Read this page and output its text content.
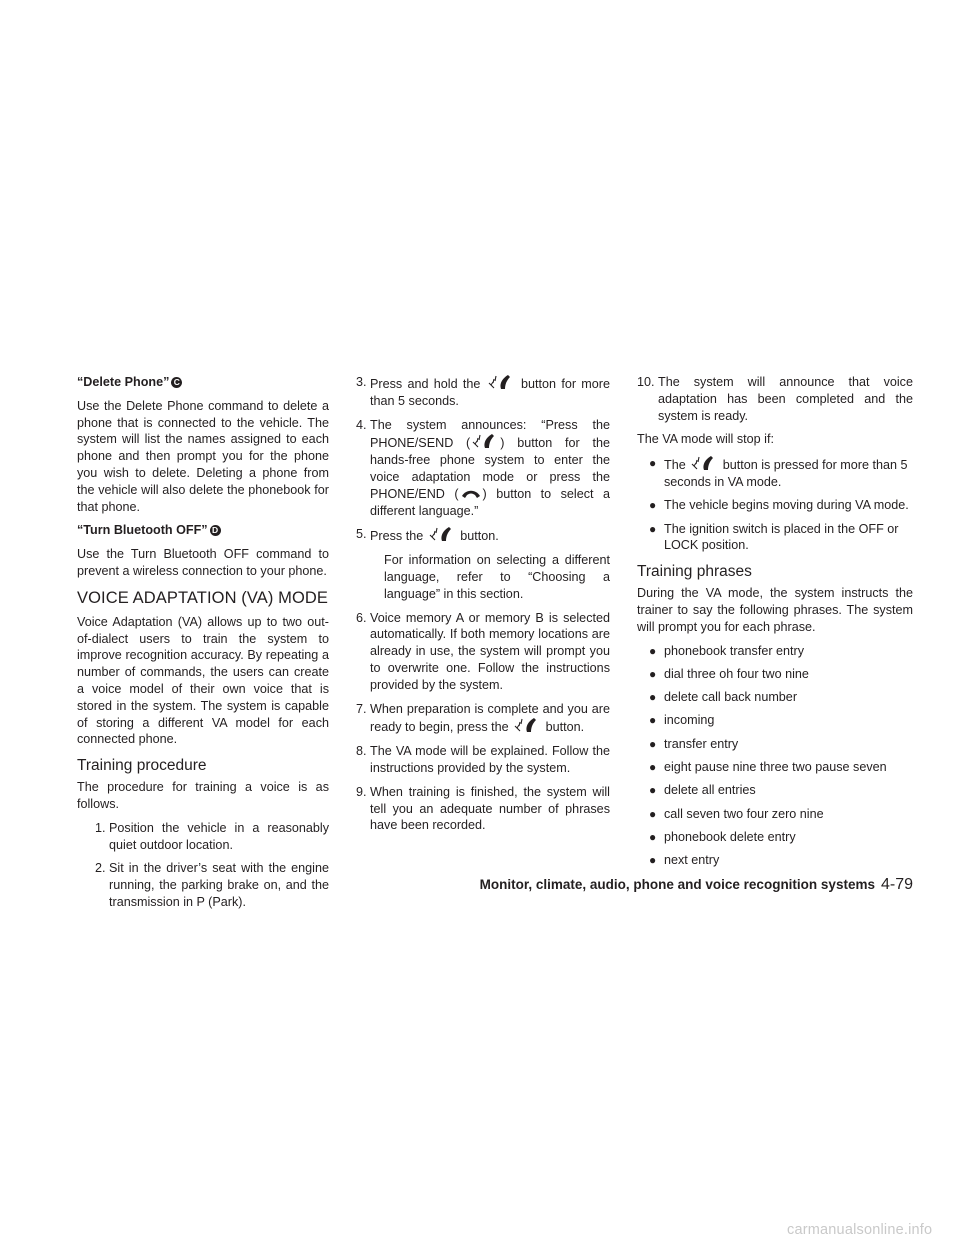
“Delete Phone” C

Use the Delete Phone command to delete a phone that is connected to the vehicle. The system will list the names assigned to each phone and then prompt you for the phone you wish to delete. Deleting a phone from the vehicle will also delete the phonebook for that phone.

“Turn Bluetooth OFF” D

Use the Turn Bluetooth OFF command to prevent a wireless connection to your phone.

VOICE ADAPTATION (VA) MODE

Voice Adaptation (VA) allows up to two out-of-dialect users to train the system to improve recognition accuracy. By repeating a number of commands, the users can create a voice model of their own voice that is stored in the system. The system is capable of storing a different VA model for each connected phone.

Training procedure

The procedure for training a voice is as follows.

1.
Position the vehicle in a reasonably quiet outdoor location.
2.
Sit in the driver’s seat with the engine running, the parking brake on, and the transmission in P (Park).
3.
Press and hold the	button for more than 5 seconds.
4.
The system announces: “Press the PHONE/SEND ( ) button for the hands-free phone system to enter the voice adaptation mode or press the PHONE/END ( ) button to select a different language.”
5.
Press the	button.

For information on selecting a different language, refer to “Choosing a language” in this section.

6.
Voice memory A or memory B is selected automatically. If both memory locations are already in use, the system will prompt you to overwrite one. Follow the instructions provided by the system.
7.
When preparation is complete and you are ready to begin, press the	button.
8.
The VA mode will be explained. Follow the instructions provided by the system.
9.
When training is finished, the system will tell you an adequate number of phrases have been recorded.
10.
The system will announce that voice adaptation has been completed and the system is ready.

The VA mode will stop if:

● The	button is pressed for more than 5 seconds in VA mode.
● The vehicle begins moving during VA mode.
● The ignition switch is placed in the OFF or LOCK position.
Training phrases

During the VA mode, the system instructs the trainer to say the following phrases. The system will prompt you for each phrase.

● phonebook transfer entry
● dial three oh four two nine
● delete call back number
● incoming
● transfer entry
● eight pause nine three two pause seven
● delete all entries
● call seven two four zero nine
● phonebook delete entry
● next entry
Monitor, climate, audio, phone and voice recognition systems 4-79
carmanualsonline.info
